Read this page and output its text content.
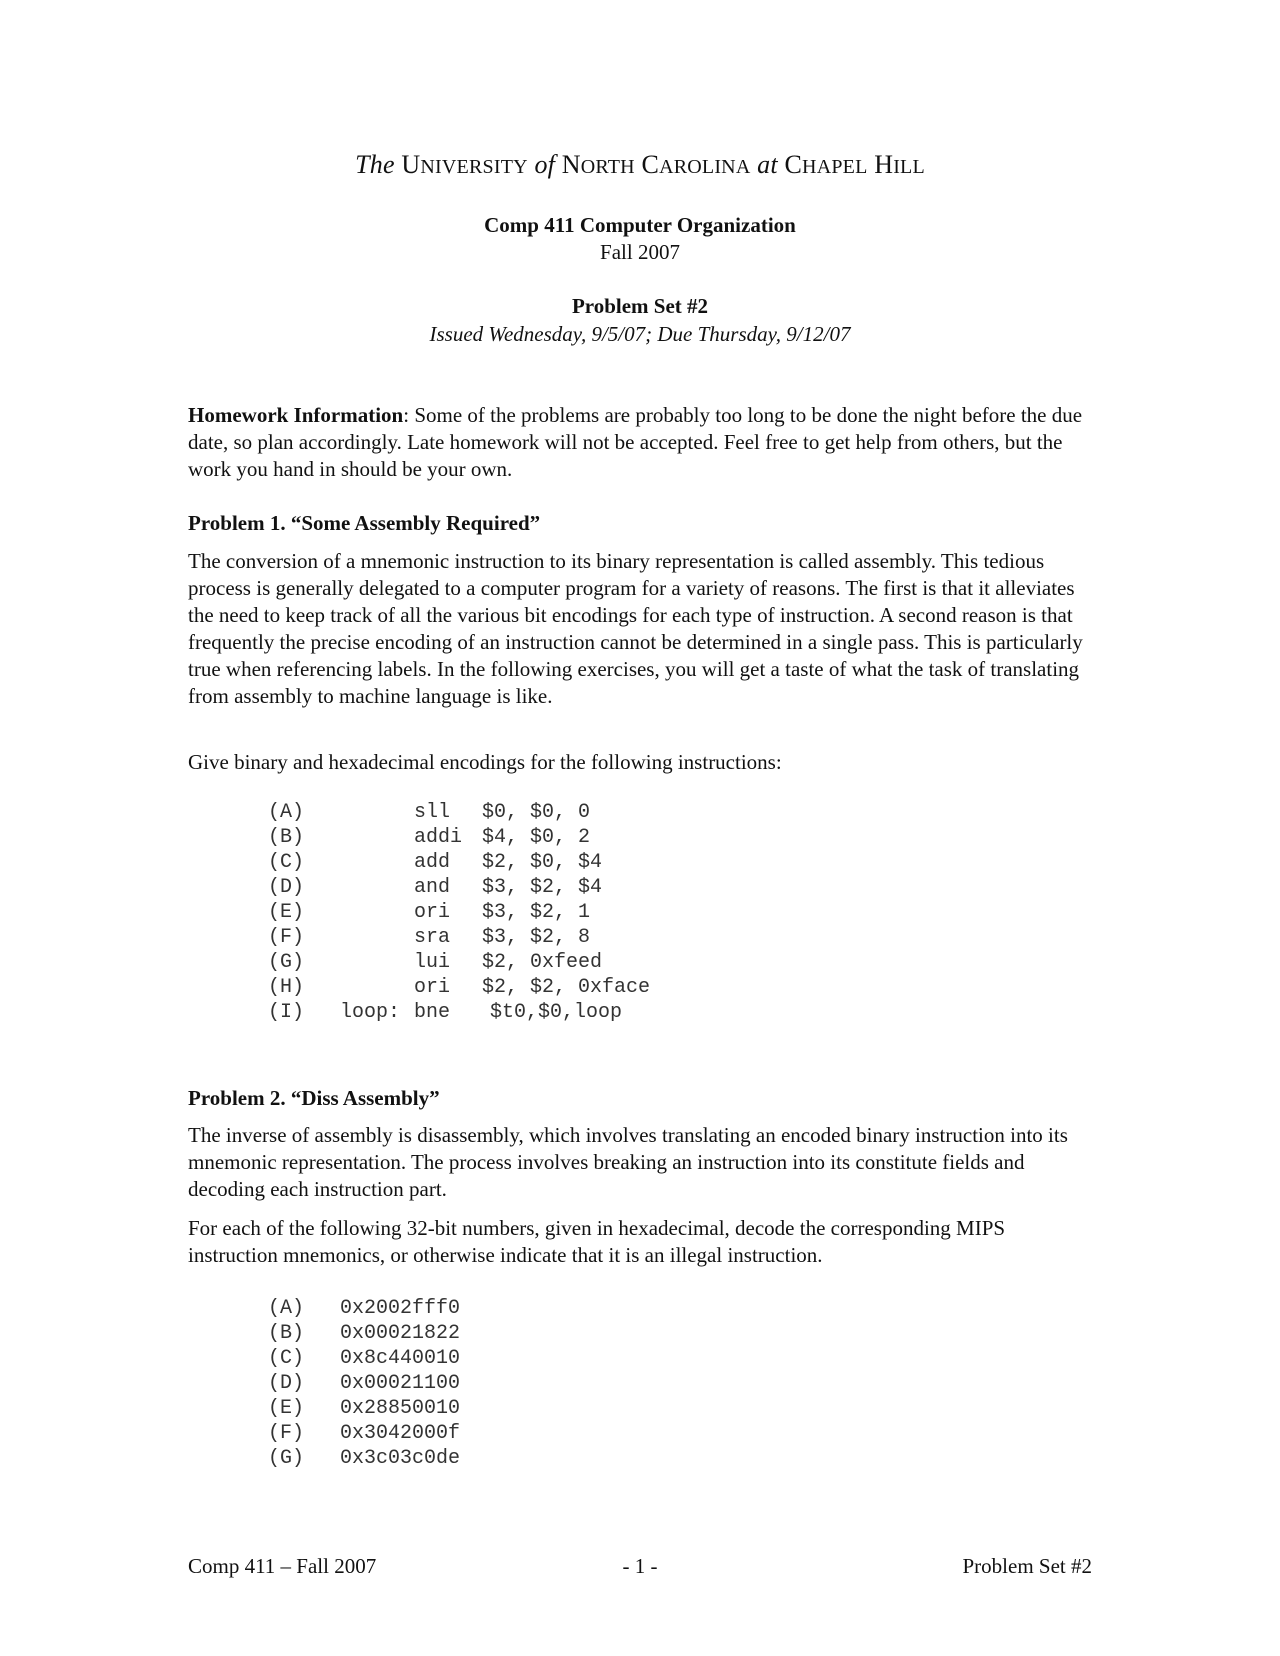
The UNIVERSITY of NORTH CAROLINA at CHAPEL HILL
Comp 411 Computer Organization
Fall 2007
Problem Set #2
Issued Wednesday, 9/5/07; Due Thursday, 9/12/07
Homework Information: Some of the problems are probably too long to be done the night before the due date, so plan accordingly. Late homework will not be accepted. Feel free to get help from others, but the work you hand in should be your own.
Problem 1. “Some Assembly Required”
The conversion of a mnemonic instruction to its binary representation is called assembly. This tedious process is generally delegated to a computer program for a variety of reasons. The first is that it alleviates the need to keep track of all the various bit encodings for each type of instruction. A second reason is that frequently the precise encoding of an instruction cannot be determined in a single pass. This is particularly true when referencing labels. In the following exercises, you will get a taste of what the task of translating from assembly to machine language is like.
Give binary and hexadecimal encodings for the following instructions:
(A)	sll $0, $0, 0
(B)	addi $4, $0, 2
(C)	add $2, $0, $4
(D)	and $3, $2, $4
(E)	ori $3, $2, 1
(F)	sra $3, $2, 8
(G)	lui $2, 0xfeed
(H)	ori $2, $2, 0xface
(I) loop: bne $t0,$0,loop
Problem 2. “Diss Assembly”
The inverse of assembly is disassembly, which involves translating an encoded binary instruction into its mnemonic representation. The process involves breaking an instruction into its constitute fields and decoding each instruction part.
For each of the following 32-bit numbers, given in hexadecimal, decode the corresponding MIPS instruction mnemonics, or otherwise indicate that it is an illegal instruction.
(A) 0x2002fff0
(B) 0x00021822
(C) 0x8c440010
(D) 0x00021100
(E) 0x28850010
(F) 0x3042000f
(G) 0x3c03c0de
Comp 411 – Fall 2007	- 1 -	Problem Set #2
